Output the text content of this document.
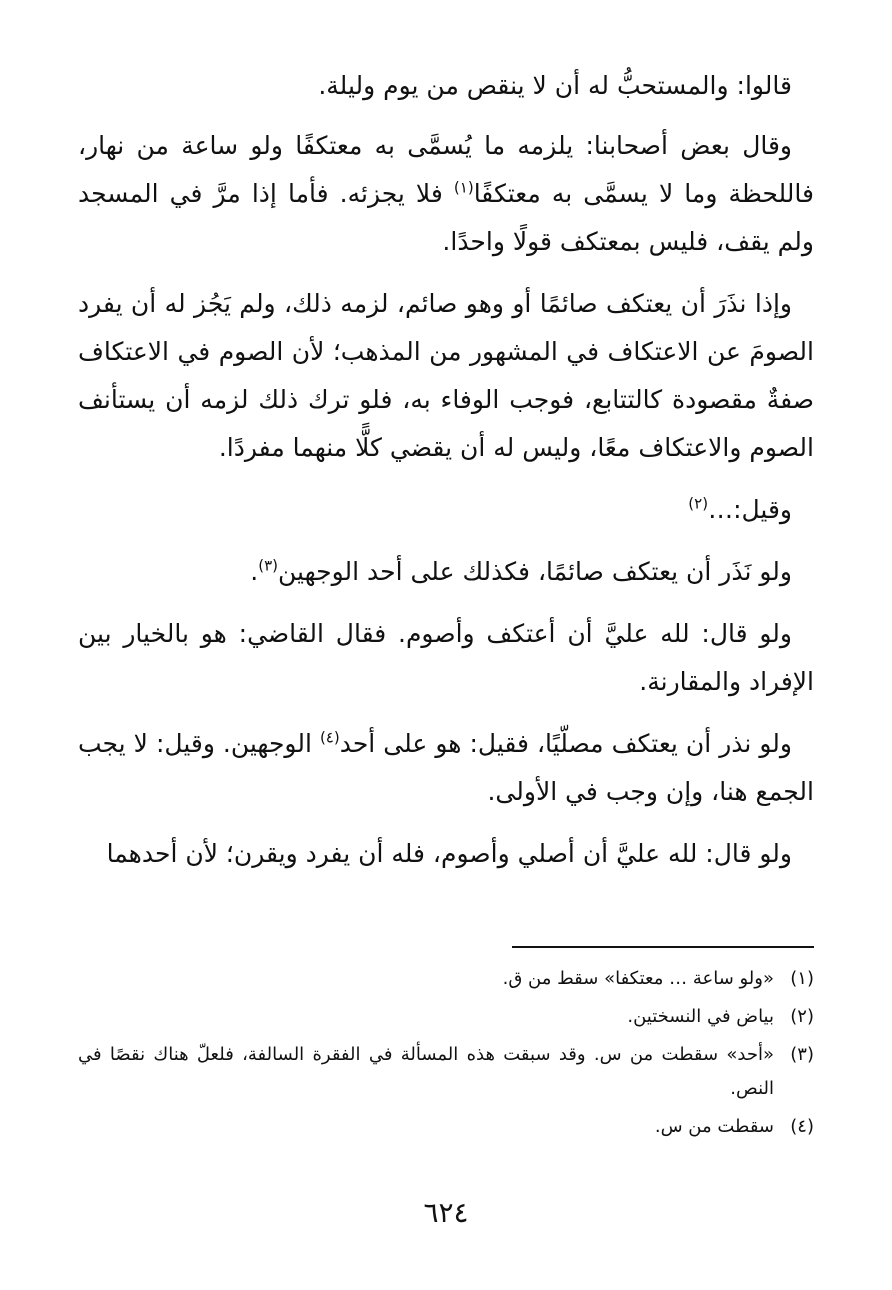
قالوا: والمستحبُّ له أن لا ينقص من يوم وليلة.

وقال بعض أصحابنا: يلزمه ما يُسمَّى به معتكفًا ولو ساعة من نهار، فاللحظة وما لا يسمَّى به معتكفًا$^{(١)}$ فلا يجزئه. فأما إذا مرَّ في المسجد ولم يقف، فليس بمعتكف قولًا واحدًا.

وإذا نذَرَ أن يعتكف صائمًا أو وهو صائم، لزمه ذلك، ولم يَجُز له أن يفرد الصومَ عن الاعتكاف في المشهور من المذهب؛ لأن الصوم في الاعتكاف صفةٌ مقصودة كالتتابع، فوجب الوفاء به، فلو ترك ذلك لزمه أن يستأنف الصوم والاعتكاف معًا، وليس له أن يقضي كلًّا منهما مفردًا.

وقيل:…$^{(٢)}$

ولو نَذَر أن يعتكف صائمًا، فكذلك على أحد الوجهين$^{(٣)}$.

ولو قال: لله عليَّ أن أعتكف وأصوم. فقال القاضي: هو بالخيار بين الإفراد والمقارنة.

ولو نذر أن يعتكف مصلّيًا، فقيل: هو على أحد$^{(٤)}$ الوجهين. وقيل: لا يجب الجمع هنا، وإن وجب في الأولى.

ولو قال: لله عليَّ أن أصلي وأصوم، فله أن يفرد ويقرن؛ لأن أحدهما

(١)
«ولو ساعة … معتكفا» سقط من ق.
(٢)
بياض في النسختين.
(٣)
«أحد» سقطت من س. وقد سبقت هذه المسألة في الفقرة السالفة، فلعلّ هناك نقصًا في النص.
(٤)
سقطت من س.
٦٢٤
